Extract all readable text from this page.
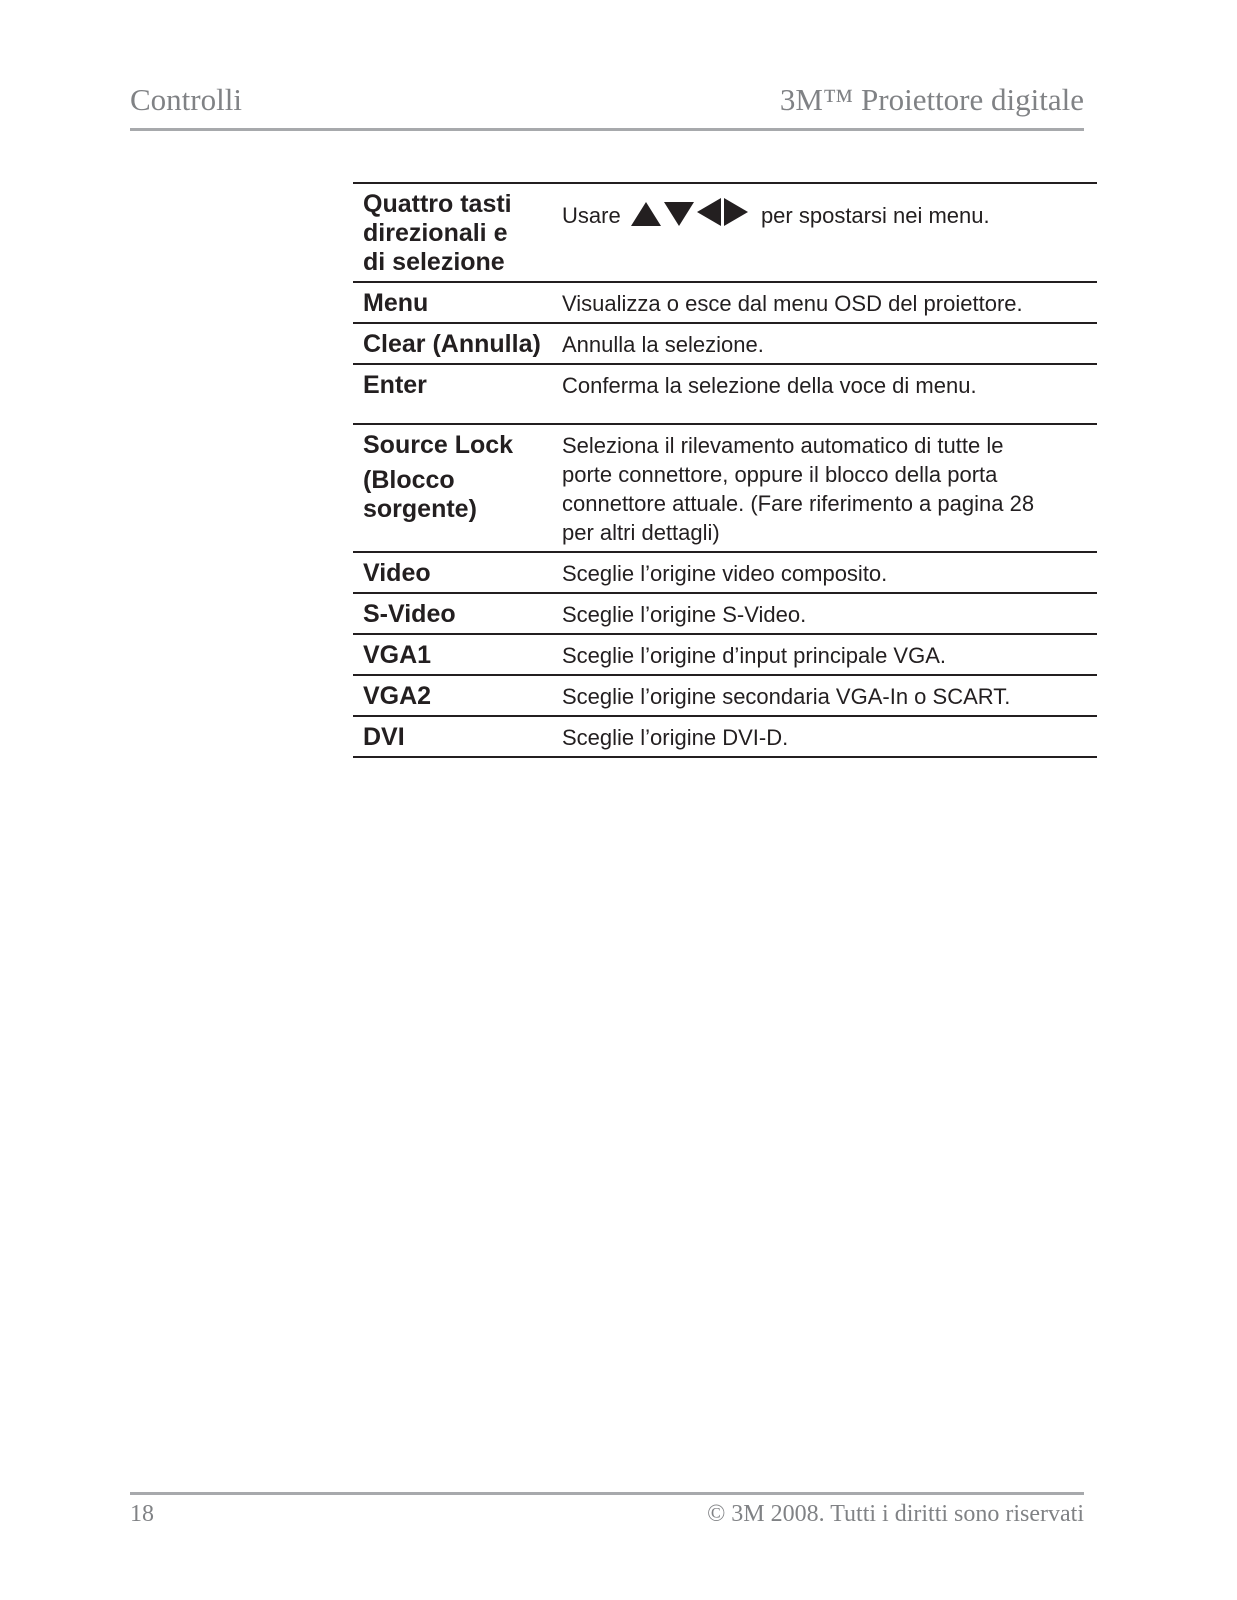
Controlli	3M™ Proiettore digitale
Quattro tasti
direzionali e
di selezione	Usare per spostarsi nei menu.
Menu	Visualizza o esce dal menu OSD del proiettore.
Clear (Annulla)	Annulla la selezione.
Enter	Conferma la selezione della voce di menu.

Source Lock
(Blocco
sorgente)	Seleziona il rilevamento automatico di tutte le
porte connettore, oppure il blocco della porta
connettore attuale. (Fare riferimento a pagina 28
per altri dettagli)

Video	Sceglie l’origine video composito.
S-Video	Sceglie l’origine S-Video.
VGA1	Sceglie l’origine d’input principale VGA.
VGA2	Sceglie l’origine secondaria VGA-In o SCART.
DVI	Sceglie l’origine DVI-D.
18	© 3M 2008. Tutti i diritti sono riservati
